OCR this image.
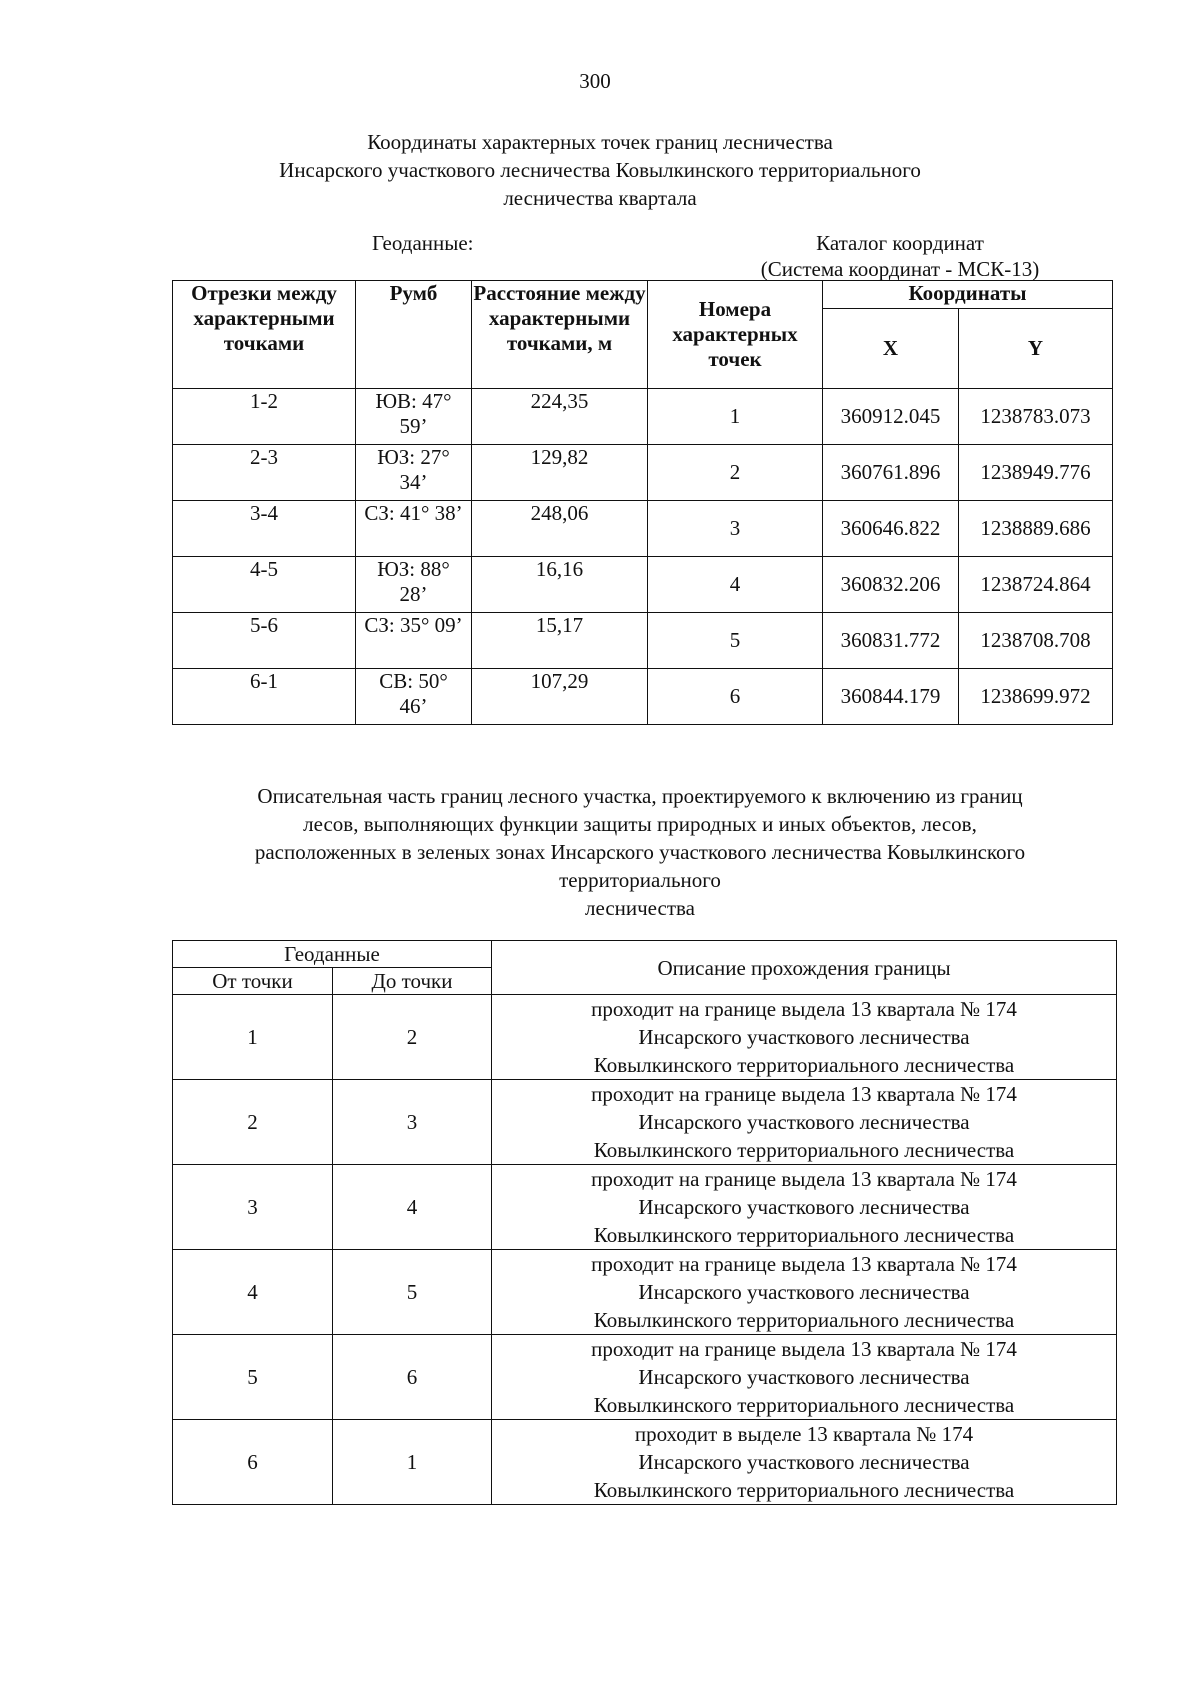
300
Координаты характерных точек границ лесничества
Инсарского участкового лесничества Ковылкинского территориального
лесничества квартала
Геоданные:	Каталог координат
(Система координат - МСК-13)
Отрезки между характерными точками	Румб	Расстояние между характерными точками, м	Номера характерных точек	Координаты	
				X	Y
1-2	ЮВ: 47° 59’	224,35	1	360912.045	1238783.073
2-3	ЮЗ: 27° 34’	129,82	2	360761.896	1238949.776
3-4	СЗ: 41° 38’	248,06	3	360646.822	1238889.686
4-5	ЮЗ: 88° 28’	16,16	4	360832.206	1238724.864
5-6	СЗ: 35° 09’	15,17	5	360831.772	1238708.708
6-1	СВ: 50° 46’	107,29	6	360844.179	1238699.972
Описательная часть границ лесного участка, проектируемого к включению из границ
лесов, выполняющих функции защиты природных и иных объектов, лесов,
расположенных в зеленых зонах Инсарского участкового лесничества Ковылкинского
территориального
лесничества
Геоданные		Описание прохождения границы
От точки	До точки	
1	2	проходит на границе выдела 13 квартала № 174
Инсарского участкового лесничества
Ковылкинского территориального лесничества

2	3	проходит на границе выдела 13 квартала № 174
Инсарского участкового лесничества
Ковылкинского территориального лесничества

3	4	проходит на границе выдела 13 квартала № 174
Инсарского участкового лесничества
Ковылкинского территориального лесничества

4	5	проходит на границе выдела 13 квартала № 174
Инсарского участкового лесничества
Ковылкинского территориального лесничества

5	6	проходит на границе выдела 13 квартала № 174
Инсарского участкового лесничества
Ковылкинского территориального лесничества

6	1	проходит в выделе 13 квартала № 174
Инсарского участкового лесничества
Ковылкинского территориального лесничества
